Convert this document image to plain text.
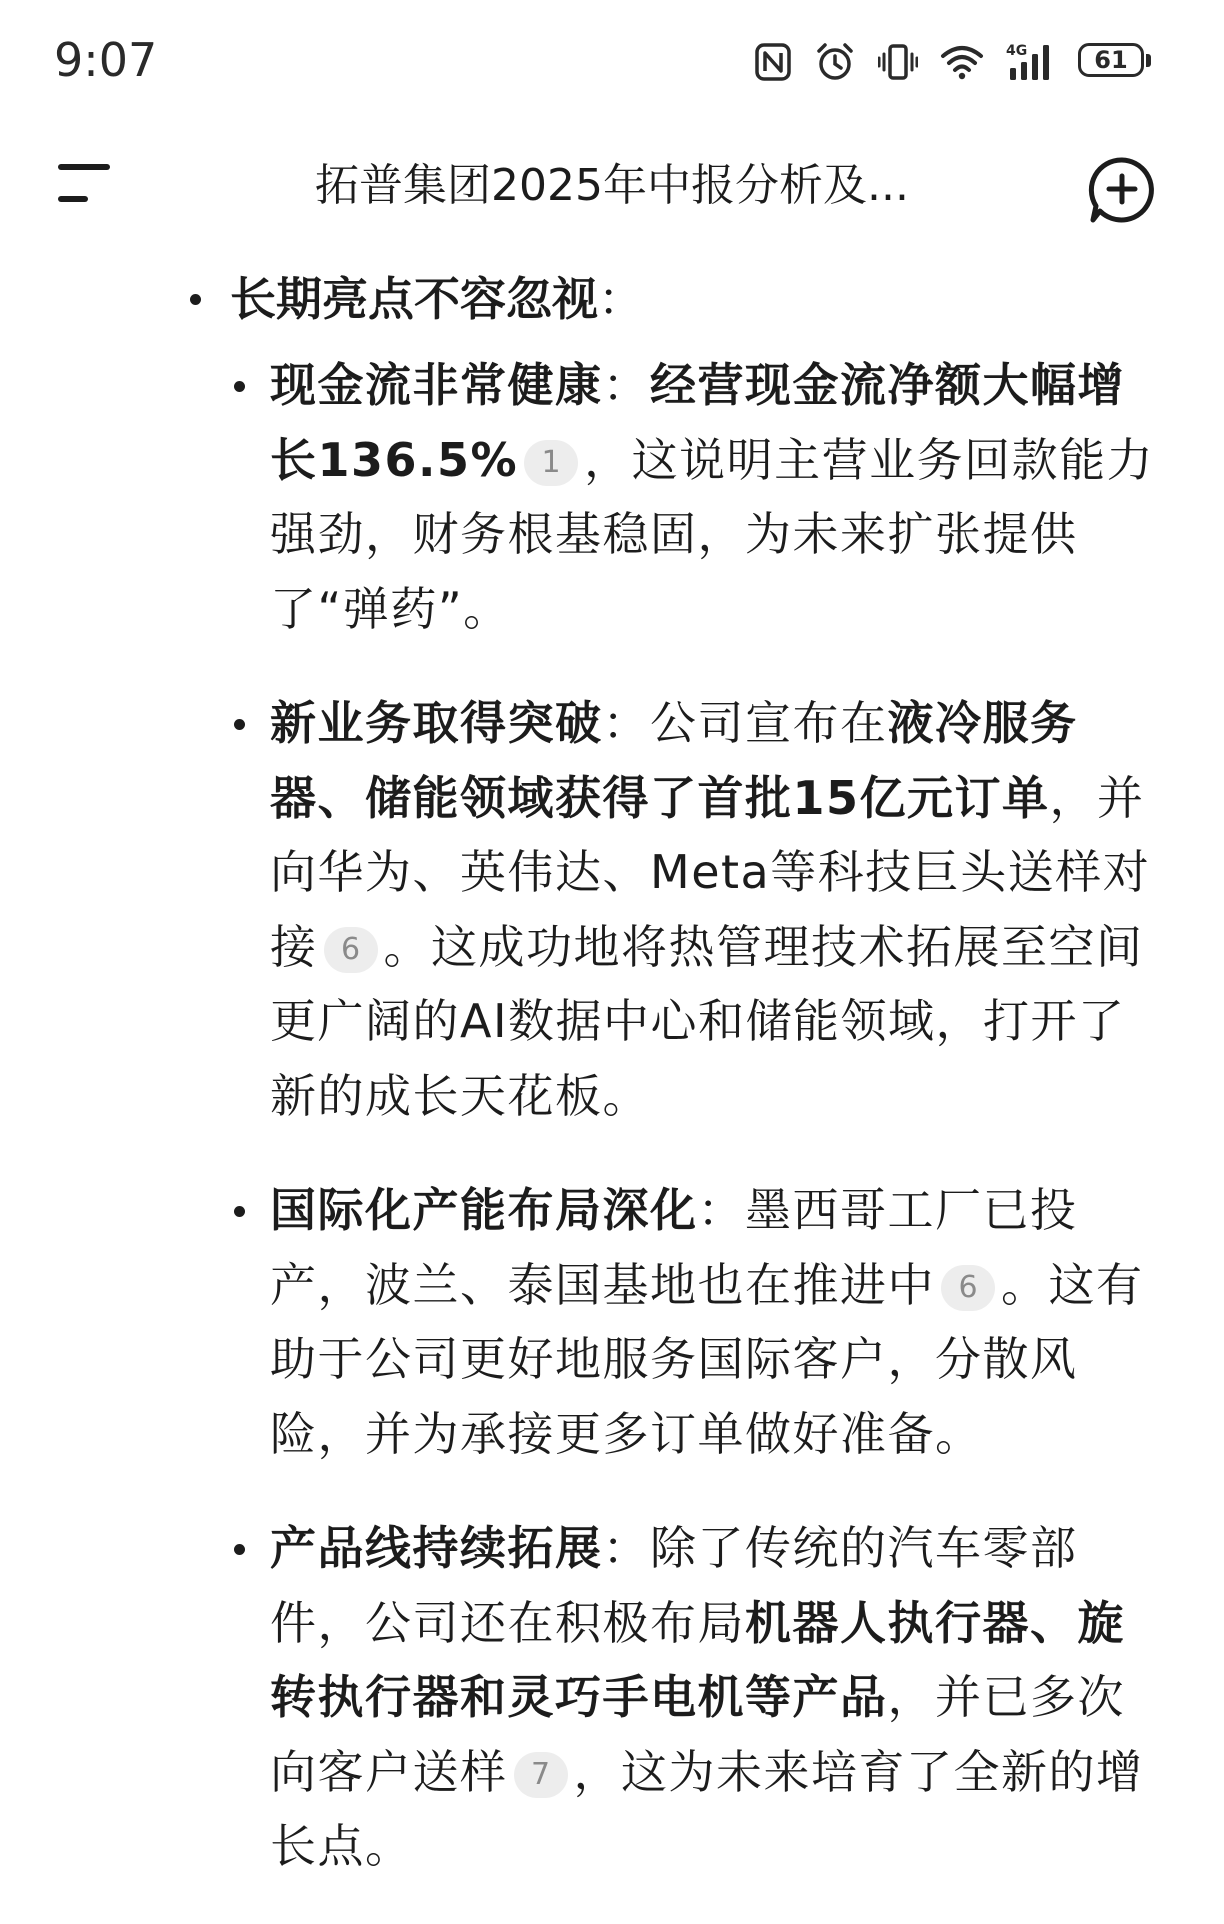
9:07	4G	61
拓普集团2025年中报分析及...
长期亮点不容忽视：
现金流非常健康：经营现金流净额大幅增长136.5% 1 ，这说明主营业务回款能力强劲，财务根基稳固，为未来扩张提供了“弹药”。
新业务取得突破：公司宣布在液冷服务器、储能领域获得了首批15亿元订单，并向华为、英伟达、Meta等科技巨头送样对接 6 。这成功地将热管理技术拓展至空间更广阔的AI数据中心和储能领域，打开了新的成长天花板。
国际化产能布局深化：墨西哥工厂已投产，波兰、泰国基地也在推进中 6 。这有助于公司更好地服务国际客户，分散风险，并为承接更多订单做好准备。
产品线持续拓展：除了传统的汽车零部件，公司还在积极布局机器人执行器、旋转执行器和灵巧手电机等产品，并已多次向客户送样 7 ，这为未来培育了全新的增长点。
